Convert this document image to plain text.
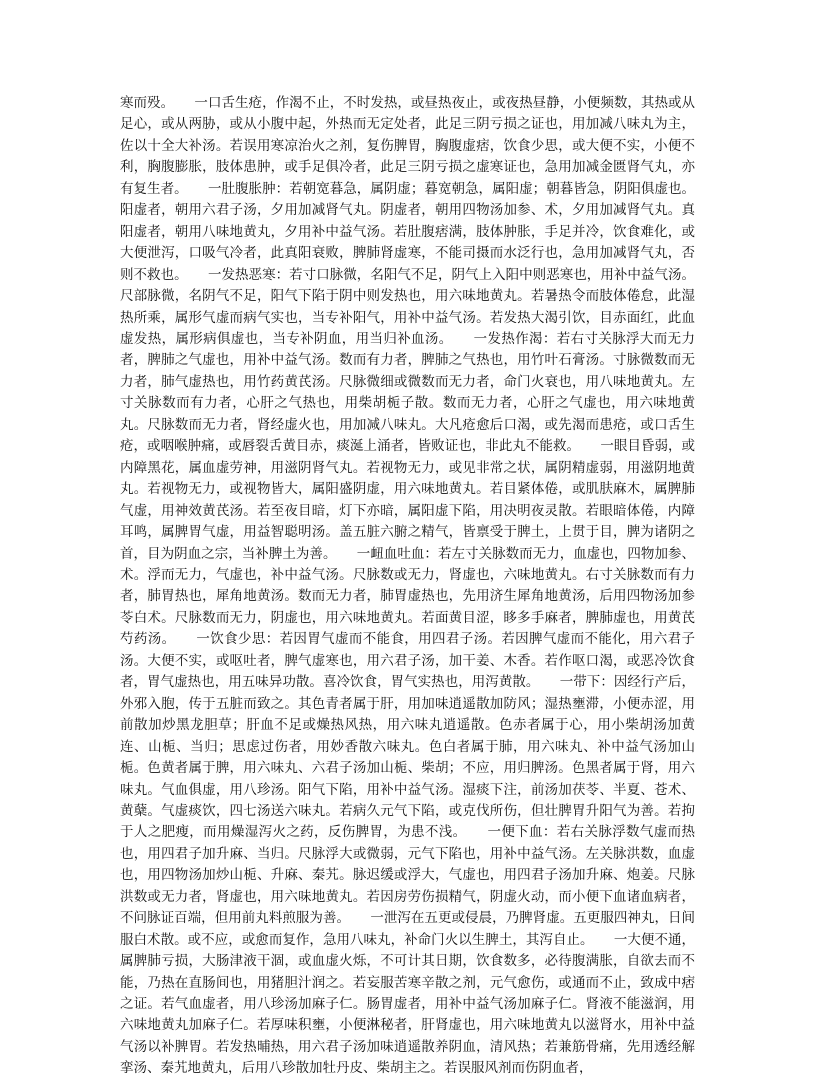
寒而殁。　　一口舌生疮，作渴不止，不时发热，或昼热夜止，或夜热昼静，小便频数，其热或从足心，或从两胁，或从小腹中起，外热而无定处者，此足三阴亏损之证也，用加减八味丸为主，佐以十全大补汤。若误用寒凉治火之剂，复伤脾胃，胸腹虚痞，饮食少思，或大便不实，小便不利，胸腹膨胀，肢体患肿，或手足俱冷者，此足三阴亏损之虚寒证也，急用加减金匮肾气丸，亦有复生者。　　一肚腹胀肿：若朝宽暮急，属阴虚；暮宽朝急，属阳虚；朝暮皆急，阴阳俱虚也。阳虚者，朝用六君子汤，夕用加减肾气丸。阴虚者，朝用四物汤加参、术，夕用加减肾气丸。真阳虚者，朝用八味地黄丸，夕用补中益气汤。若肚腹痞满，肢体肿胀，手足并冷，饮食难化，或大便泄泻，口吸气冷者，此真阳衰败，脾肺肾虚寒，不能司摄而水泛行也，急用加减肾气丸，否则不救也。　　一发热恶寒：若寸口脉微，名阳气不足，阴气上入阳中则恶寒也，用补中益气汤。尺部脉微，名阴气不足，阳气下陷于阴中则发热也，用六味地黄丸。若暑热令而肢体倦怠，此湿热所乘，属形气虚而病气实也，当专补阳气，用补中益气汤。若发热大渴引饮，目赤面红，此血虚发热，属形病俱虚也，当专补阴血，用当归补血汤。　　一发热作渴：若右寸关脉浮大而无力者，脾肺之气虚也，用补中益气汤。数而有力者，脾肺之气热也，用竹叶石膏汤。寸脉微数而无力者，肺气虚热也，用竹药黄芪汤。尺脉微细或微数而无力者，命门火衰也，用八味地黄丸。左寸关脉数而有力者，心肝之气热也，用柴胡栀子散。数而无力者，心肝之气虚也，用六味地黄丸。尺脉数而无力者，肾经虚火也，用加减八味丸。大凡疮愈后口渴，或先渴而患疮，或口舌生疮，或咽喉肿痛，或唇裂舌黄目赤，痰涎上涌者，皆败证也，非此丸不能救。　　一眼目昏弱，或内障黑花，属血虚劳神，用滋阴肾气丸。若视物无力，或见非常之状，属阴精虚弱，用滋阴地黄丸。若视物无力，或视物皆大，属阳盛阴虚，用六味地黄丸。若目紧体倦，或肌肤麻木，属脾肺气虚，用神效黄芪汤。若至夜目暗，灯下亦暗，属阳虚下陷，用决明夜灵散。若眼暗体倦，内障耳鸣，属脾胃气虚，用益智聪明汤。盖五脏六腑之精气，皆禀受于脾土，上贯于目，脾为诸阴之首，目为阴血之宗，当补脾土为善。　　一衄血吐血：若左寸关脉数而无力，血虚也，四物加参、术。浮而无力，气虚也，补中益气汤。尺脉数或无力，肾虚也，六味地黄丸。右寸关脉数而有力者，肺胃热也，犀角地黄汤。数而无力者，肺胃虚热也，先用济生犀角地黄汤，后用四物汤加参苓白术。尺脉数而无力，阴虚也，用六味地黄丸。若面黄目涩，眵多手麻者，脾肺虚也，用黄芪芍药汤。　　一饮食少思：若因胃气虚而不能食，用四君子汤。若因脾气虚而不能化，用六君子汤。大便不实，或呕吐者，脾气虚寒也，用六君子汤，加干姜、木香。若作呕口渴，或恶冷饮食者，胃气虚热也，用五味异功散。喜冷饮食，胃气实热也，用泻黄散。　　一带下：因经行产后，外邪入胞，传于五脏而致之。其色青者属于肝，用加味逍遥散加防风；湿热壅滞，小便赤涩，用前散加炒黑龙胆草；肝血不足或燥热风热，用六味丸逍遥散。色赤者属于心，用小柴胡汤加黄连、山栀、当归；思虑过伤者，用妙香散六味丸。色白者属于肺，用六味丸、补中益气汤加山栀。色黄者属于脾，用六味丸、六君子汤加山栀、柴胡；不应，用归脾汤。色黑者属于肾，用六味丸。气血俱虚，用八珍汤。阳气下陷，用补中益气汤。湿痰下注，前汤加茯苓、半夏、苍术、黄蘖。气虚痰饮，四七汤送六味丸。若病久元气下陷，或克伐所伤，但壮脾胃升阳气为善。若拘于人之肥瘦，而用燥湿泻火之药，反伤脾胃，为患不浅。　　一便下血：若右关脉浮数气虚而热也，用四君子加升麻、当归。尺脉浮大或微弱，元气下陷也，用补中益气汤。左关脉洪数，血虚也，用四物汤加炒山栀、升麻、秦艽。脉迟缓或浮大，气虚也，用四君子汤加升麻、炮姜。尺脉洪数或无力者，肾虚也，用六味地黄丸。若因房劳伤损精气，阴虚火动，而小便下血诸血病者，不问脉证百端，但用前丸料煎服为善。　　一泄泻在五更或侵晨，乃脾肾虚。五更服四神丸，日间服白术散。或不应，或愈而复作，急用八味丸，补命门火以生脾土，其泻自止。　　一大便不通，属脾肺亏损，大肠津液干涸，或血虚火烁，不可计其日期，饮食数多，必待腹满胀，自欲去而不能，乃热在直肠间也，用猪胆汁润之。若妄服苦寒辛散之剂，元气愈伤，或通而不止，致成中痞之证。若气血虚者，用八珍汤加麻子仁。肠胃虚者，用补中益气汤加麻子仁。肾液不能滋润，用六味地黄丸加麻子仁。若厚味积壅，小便淋秘者，肝肾虚也，用六味地黄丸以滋肾水，用补中益气汤以补脾胃。若发热晡热，用六君子汤加味逍遥散养阴血，清风热；若兼筋骨痛，先用透经解挛汤、秦艽地黄丸，后用八珍散加牡丹皮、柴胡主之。若误服风剂而伤阴血者，
